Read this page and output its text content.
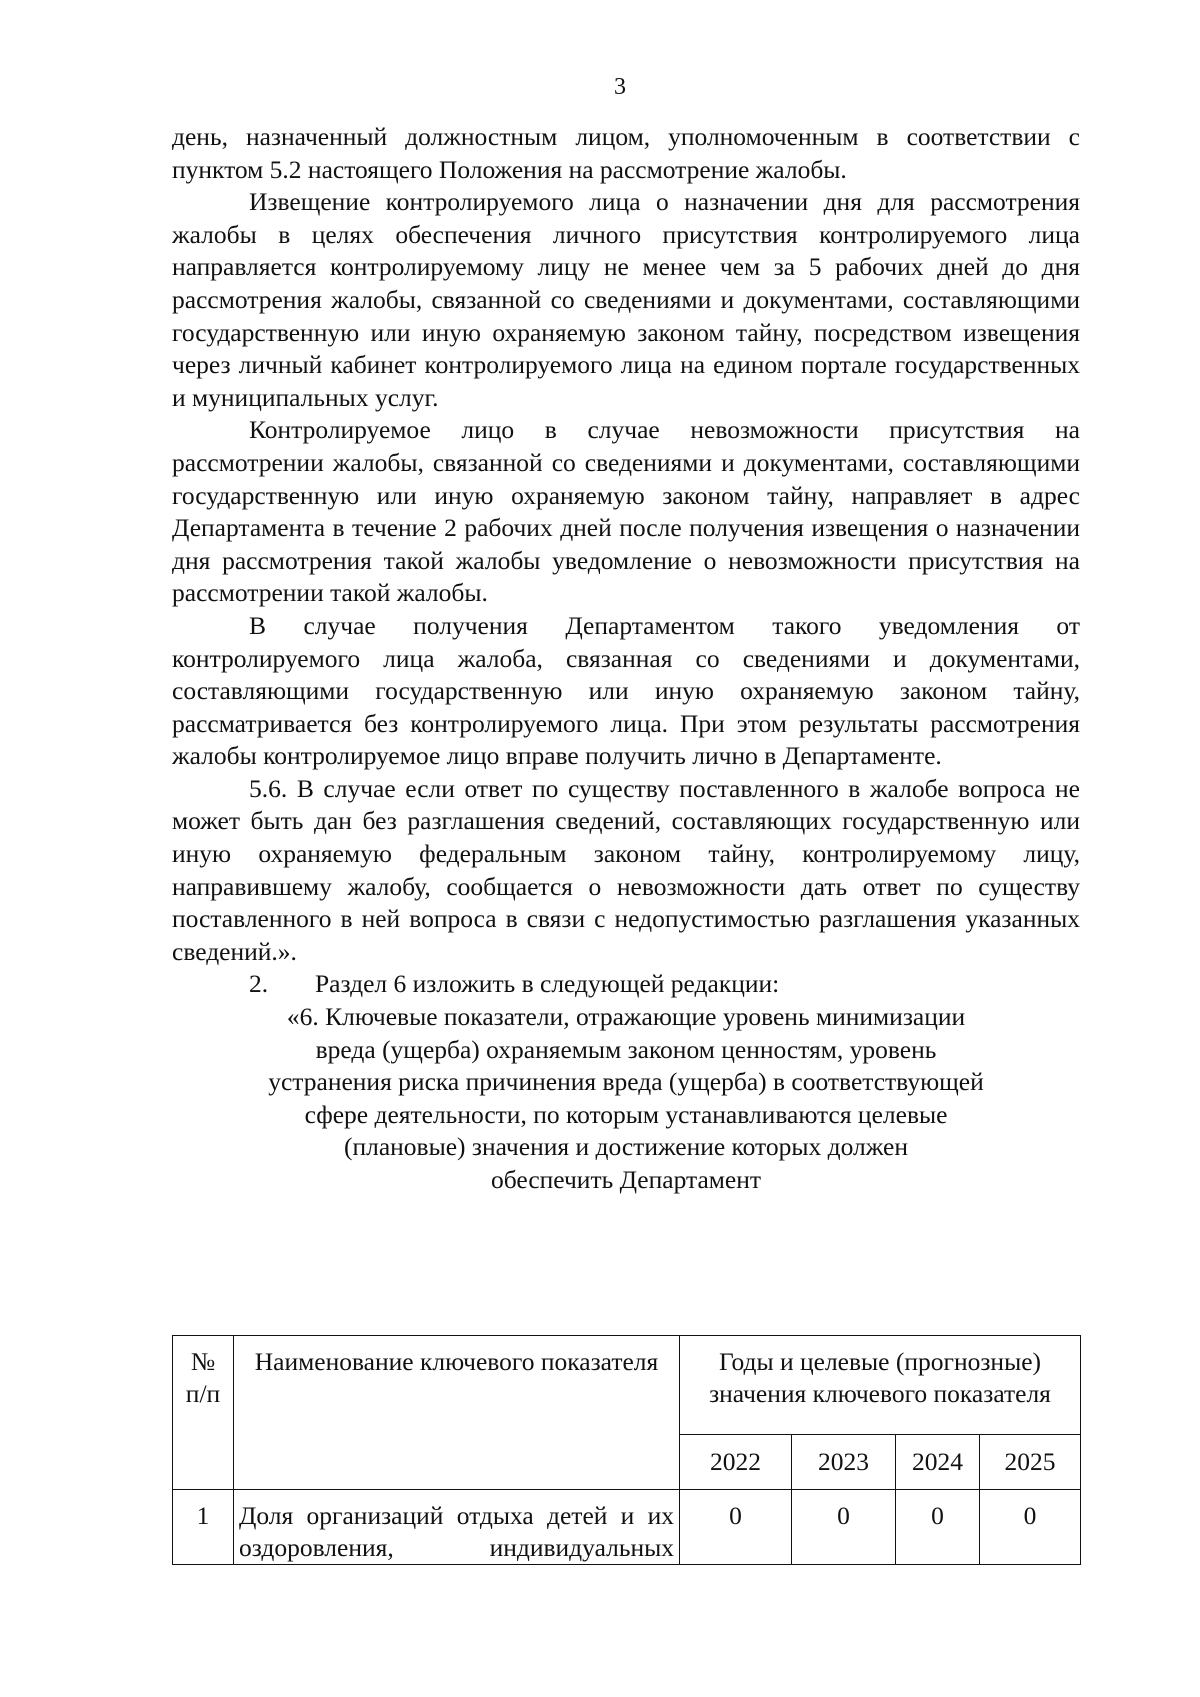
3

день, назначенный должностным лицом, уполномоченным в соответствии с пунктом 5.2 настоящего Положения на рассмотрение жалобы.

Извещение контролируемого лица о назначении дня для рассмотрения жалобы в целях обеспечения личного присутствия контролируемого лица направляется контролируемому лицу не менее чем за 5 рабочих дней до дня рассмотрения жалобы, связанной со сведениями и документами, составляющими государственную или иную охраняемую законом тайну, посредством извещения через личный кабинет контролируемого лица на едином портале государственных и муниципальных услуг.

Контролируемое лицо в случае невозможности присутствия на рассмотрении жалобы, связанной со сведениями и документами, составляющими государственную или иную охраняемую законом тайну, направляет в адрес Департамента в течение 2 рабочих дней после получения извещения о назначении дня рассмотрения такой жалобы уведомление о невозможности присутствия на рассмотрении такой жалобы.

В случае получения Департаментом такого уведомления от контролируемого лица жалоба, связанная со сведениями и документами, составляющими государственную или иную охраняемую законом тайну, рассматривается без контролируемого лица. При этом результаты рассмотрения жалобы контролируемое лицо вправе получить лично в Департаменте.

5.6. В случае если ответ по существу поставленного в жалобе вопроса не может быть дан без разглашения сведений, составляющих государственную или иную охраняемую федеральным законом тайну, контролируемому лицу, направившему жалобу, сообщается о невозможности дать ответ по существу поставленного в ней вопроса в связи с недопустимостью разглашения указанных сведений.».

2. Раздел 6 изложить в следующей редакции:

«6. Ключевые показатели, отражающие уровень минимизации
вреда (ущерба) охраняемым законом ценностям, уровень
устранения риска причинения вреда (ущерба) в соответствующей
сфере деятельности, по которым устанавливаются целевые
(плановые) значения и достижение которых должен
обеспечить Департамент

№
п/п	Наименование ключевого показателя	Годы и целевые (прогнозные) значения ключевого показателя			
		2022	2023	2024	2025
1	Доля организаций отдыха детей и их оздоровления, индивидуальных	0	0	0	0
